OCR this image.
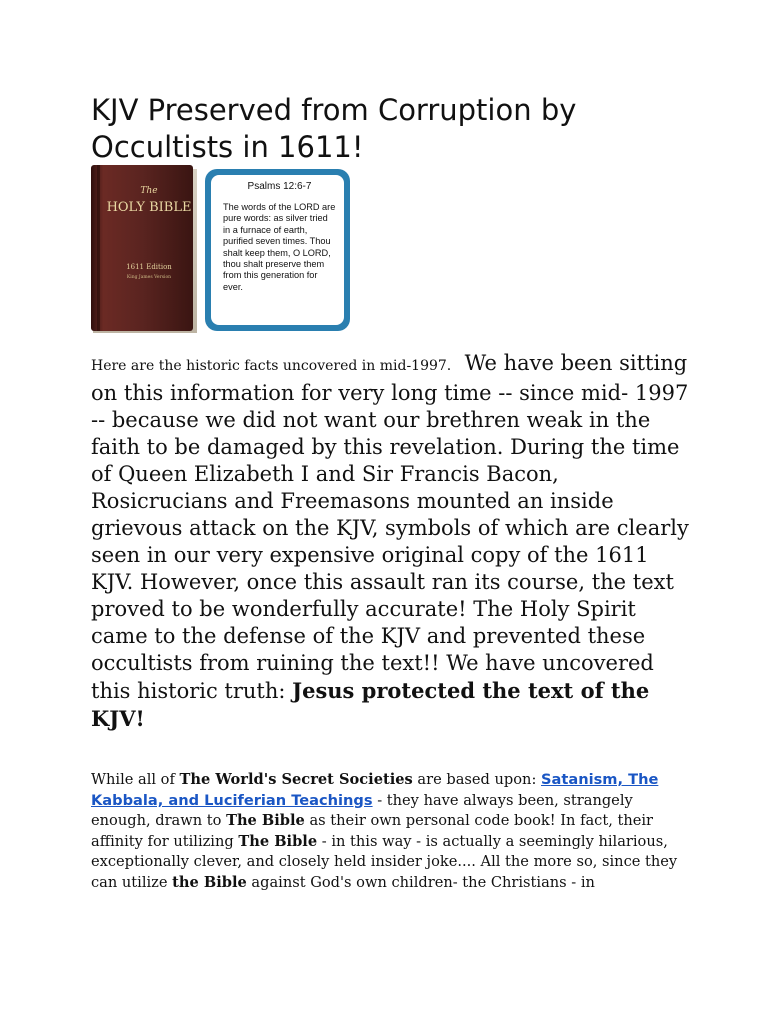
KJV Preserved from Corruption by Occultists in 1611!
The
HOLY BIBLE
1611 Edition
King James Version
Psalms 12:6-7
The words of the LORD are pure words: as silver tried in a furnace of earth, purified seven times. Thou shalt keep them, O LORD, thou shalt preserve them from this generation for ever.

Here are the historic facts uncovered in mid-1997. We have been sitting on this information for very long time -- since mid- 1997 -- because we did not want our brethren weak in the faith to be damaged by this revelation. During the time of Queen Elizabeth I and Sir Francis Bacon, Rosicrucians and Freemasons mounted an inside grievous attack on the KJV, symbols of which are clearly seen in our very expensive original copy of the 1611 KJV. However, once this assault ran its course, the text proved to be wonderfully accurate! The Holy Spirit came to the defense of the KJV and prevented these occultists from ruining the text!! We have uncovered this historic truth: Jesus protected the text of the KJV!

While all of The World's Secret Societies are based upon: Satanism, The Kabbala, and Luciferian Teachings - they have always been, strangely enough, drawn to The Bible as their own personal code book! In fact, their affinity for utilizing The Bible - in this way - is actually a seemingly hilarious, exceptionally clever, and closely held insider joke.... All the more so, since they can utilize the Bible against God's own children- the Christians - in
